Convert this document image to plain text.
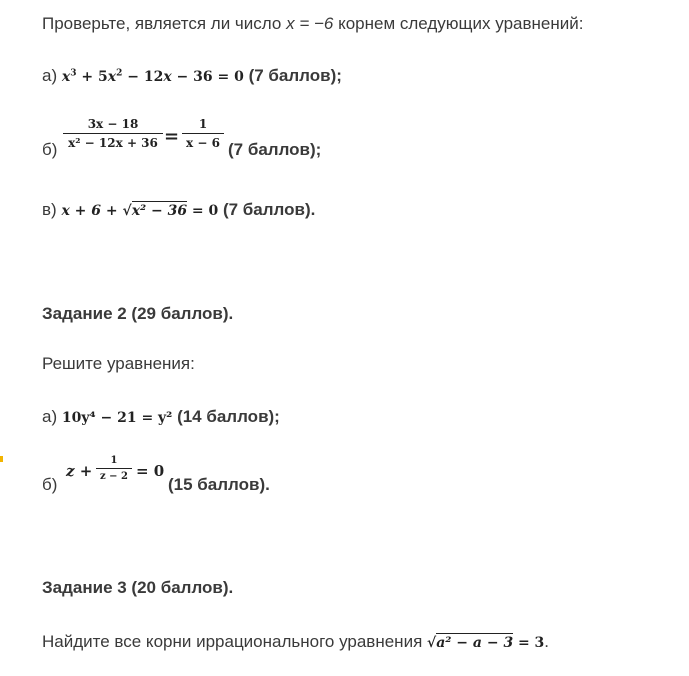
Проверьте, является ли число x = −6 корнем следующих уравнений:
а) $x^3 + 5x^2 - 12x - 36 = 0$ (7 баллов);
б)
3x − 18
x² − 12x + 36 =
1
x − 6 (7 баллов);
в) x + 6 + √x² − 36 = 0 (7 баллов).
Задание 2 (29 баллов).
Решите уравнения:
а) 10y⁴ − 21 = y² (14 баллов);
б)
z +
1
z − 2 = 0
(15 баллов).
Задание 3 (20 баллов).
Найдите все корни иррационального уравнения √a² − a − 3 = 3.
